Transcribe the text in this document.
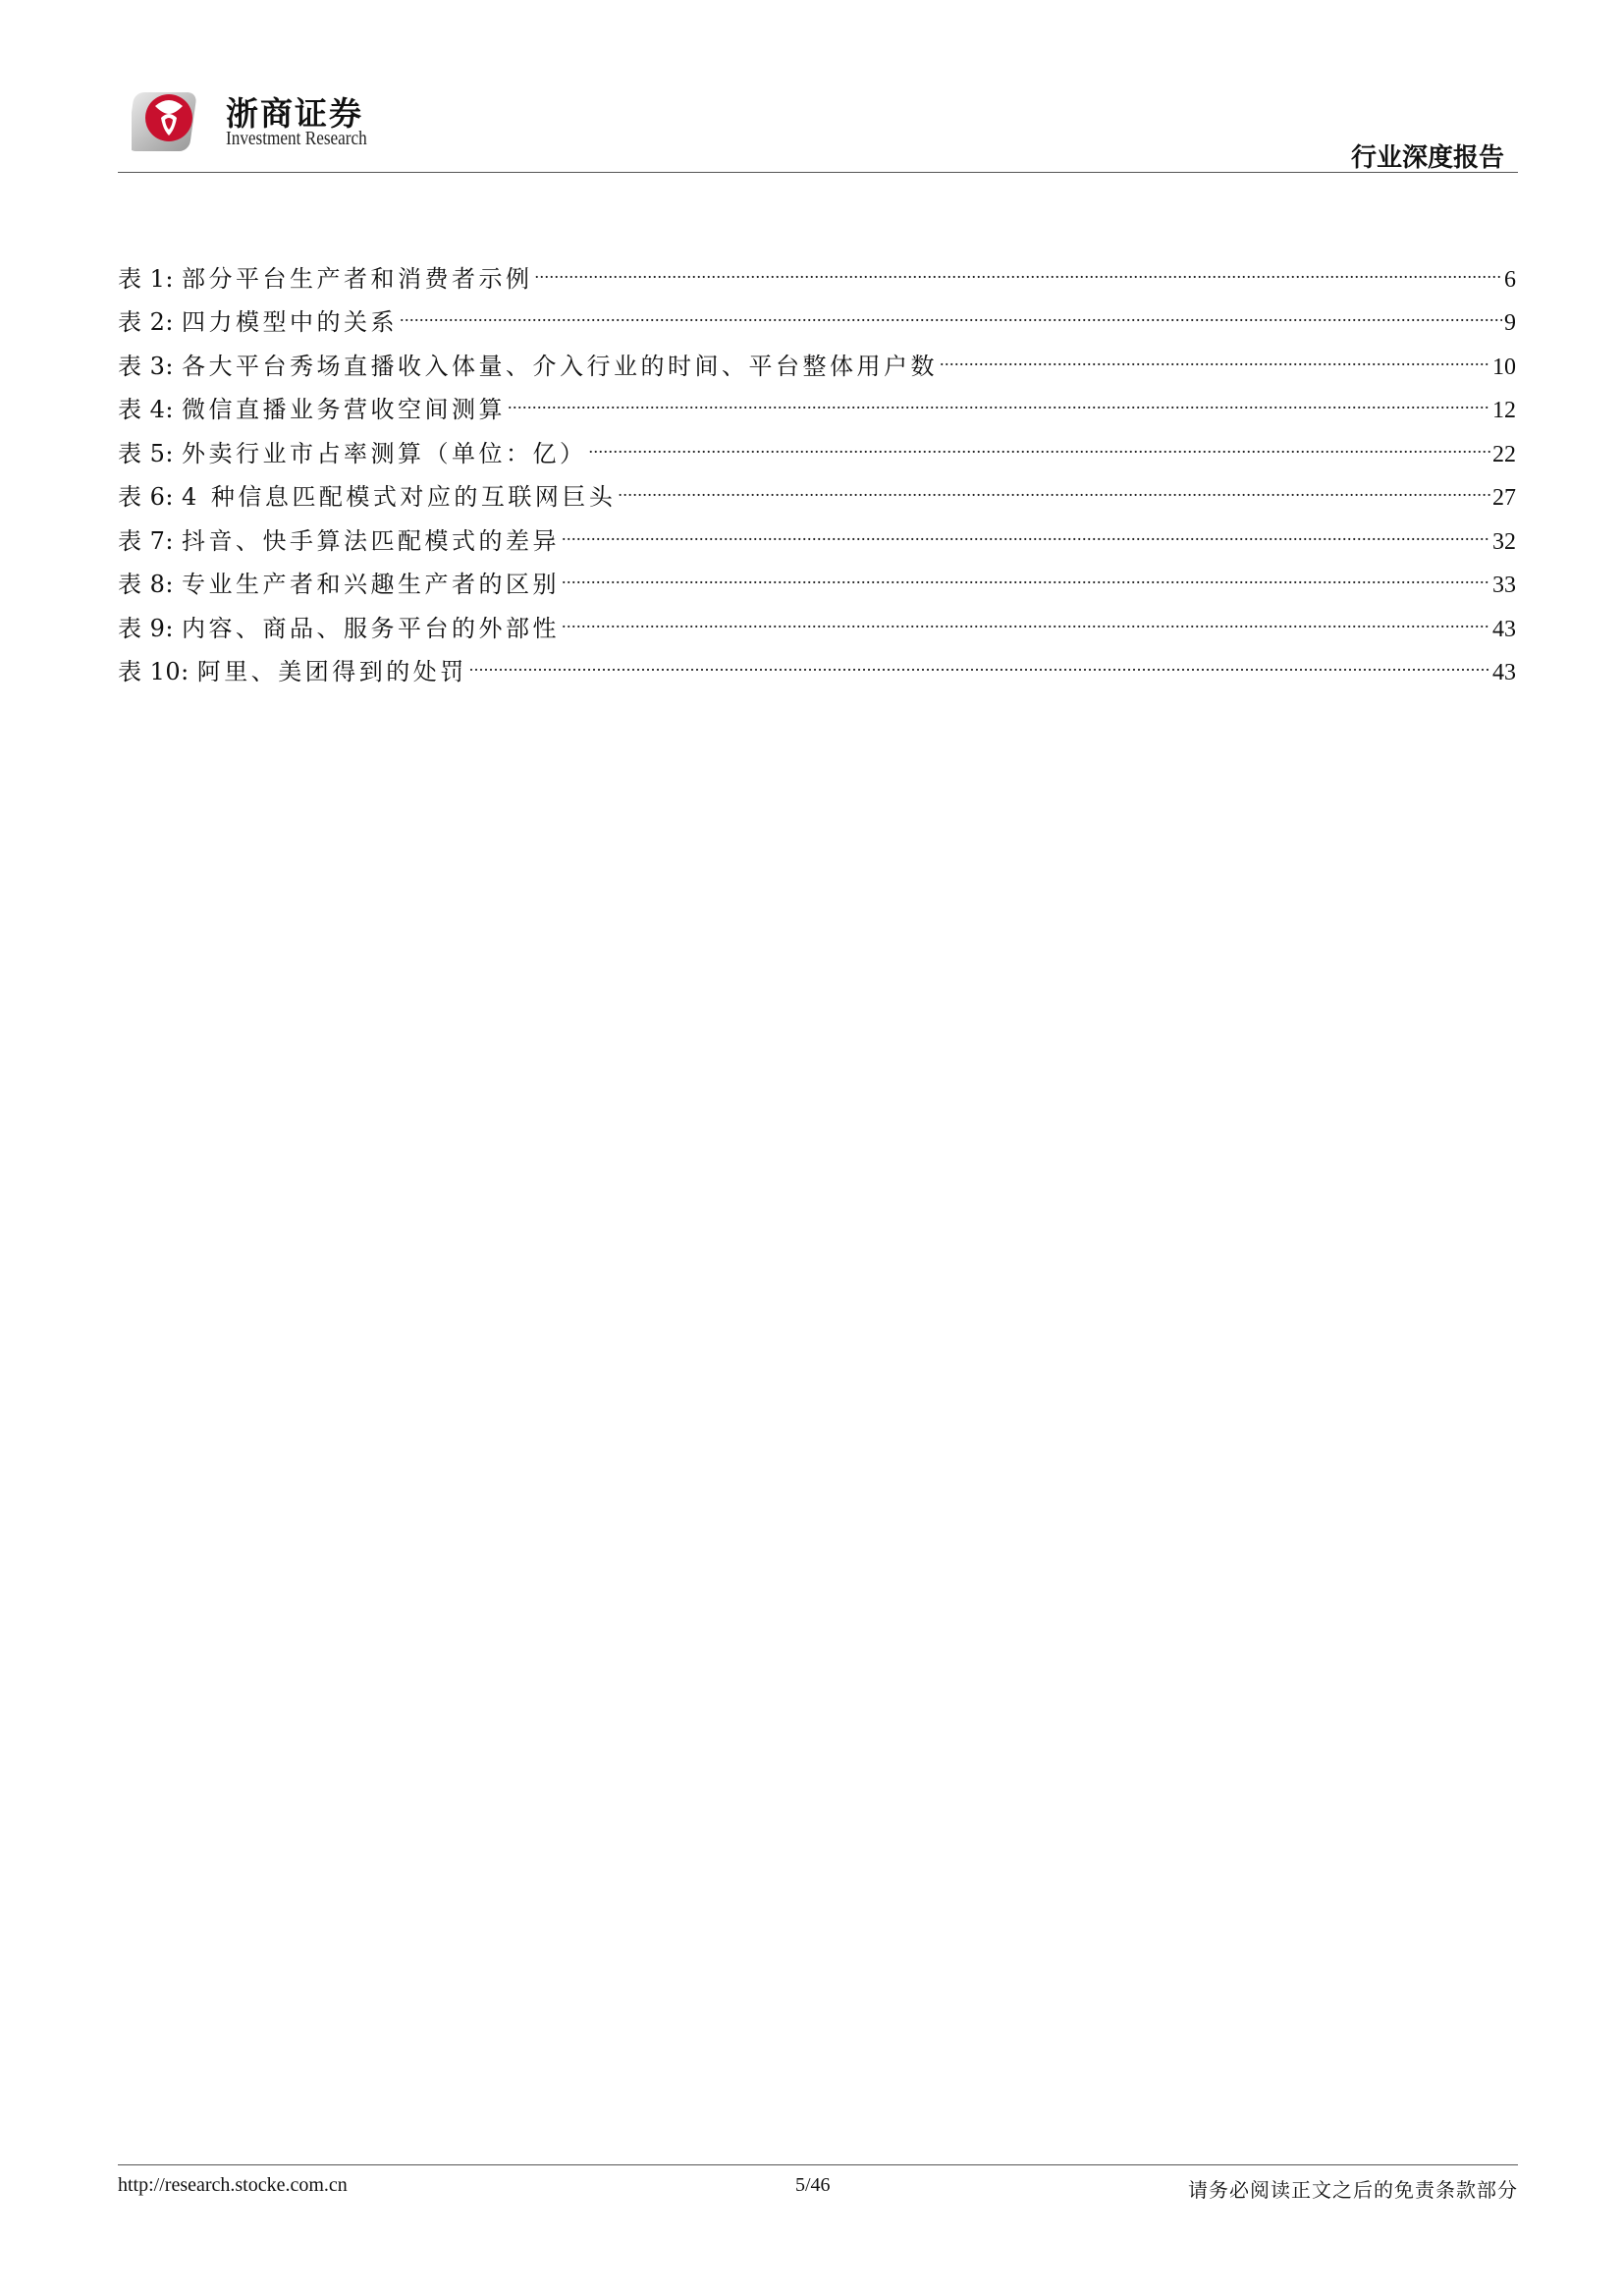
浙商证券
Investment Research
行业深度报告
表 1: 部分平台生产者和消费者示例 .....	6
表 2: 四力模型中的关系 .....	9
表 3: 各大平台秀场直播收入体量、介入行业的时间、平台整体用户数 .....	10
表 4: 微信直播业务营收空间测算 .....	12
表 5: 外卖行业市占率测算（单位：亿） .....	22
表 6: 4 种信息匹配模式对应的互联网巨头 .....	27
表 7: 抖音、快手算法匹配模式的差异 .....	32
表 8: 专业生产者和兴趣生产者的区别 .....	33
表 9: 内容、商品、服务平台的外部性 .....	43
表 10: 阿里、美团得到的处罚 .....	43
http://research.stocke.com.cn	5/46	请务必阅读正文之后的免责条款部分
